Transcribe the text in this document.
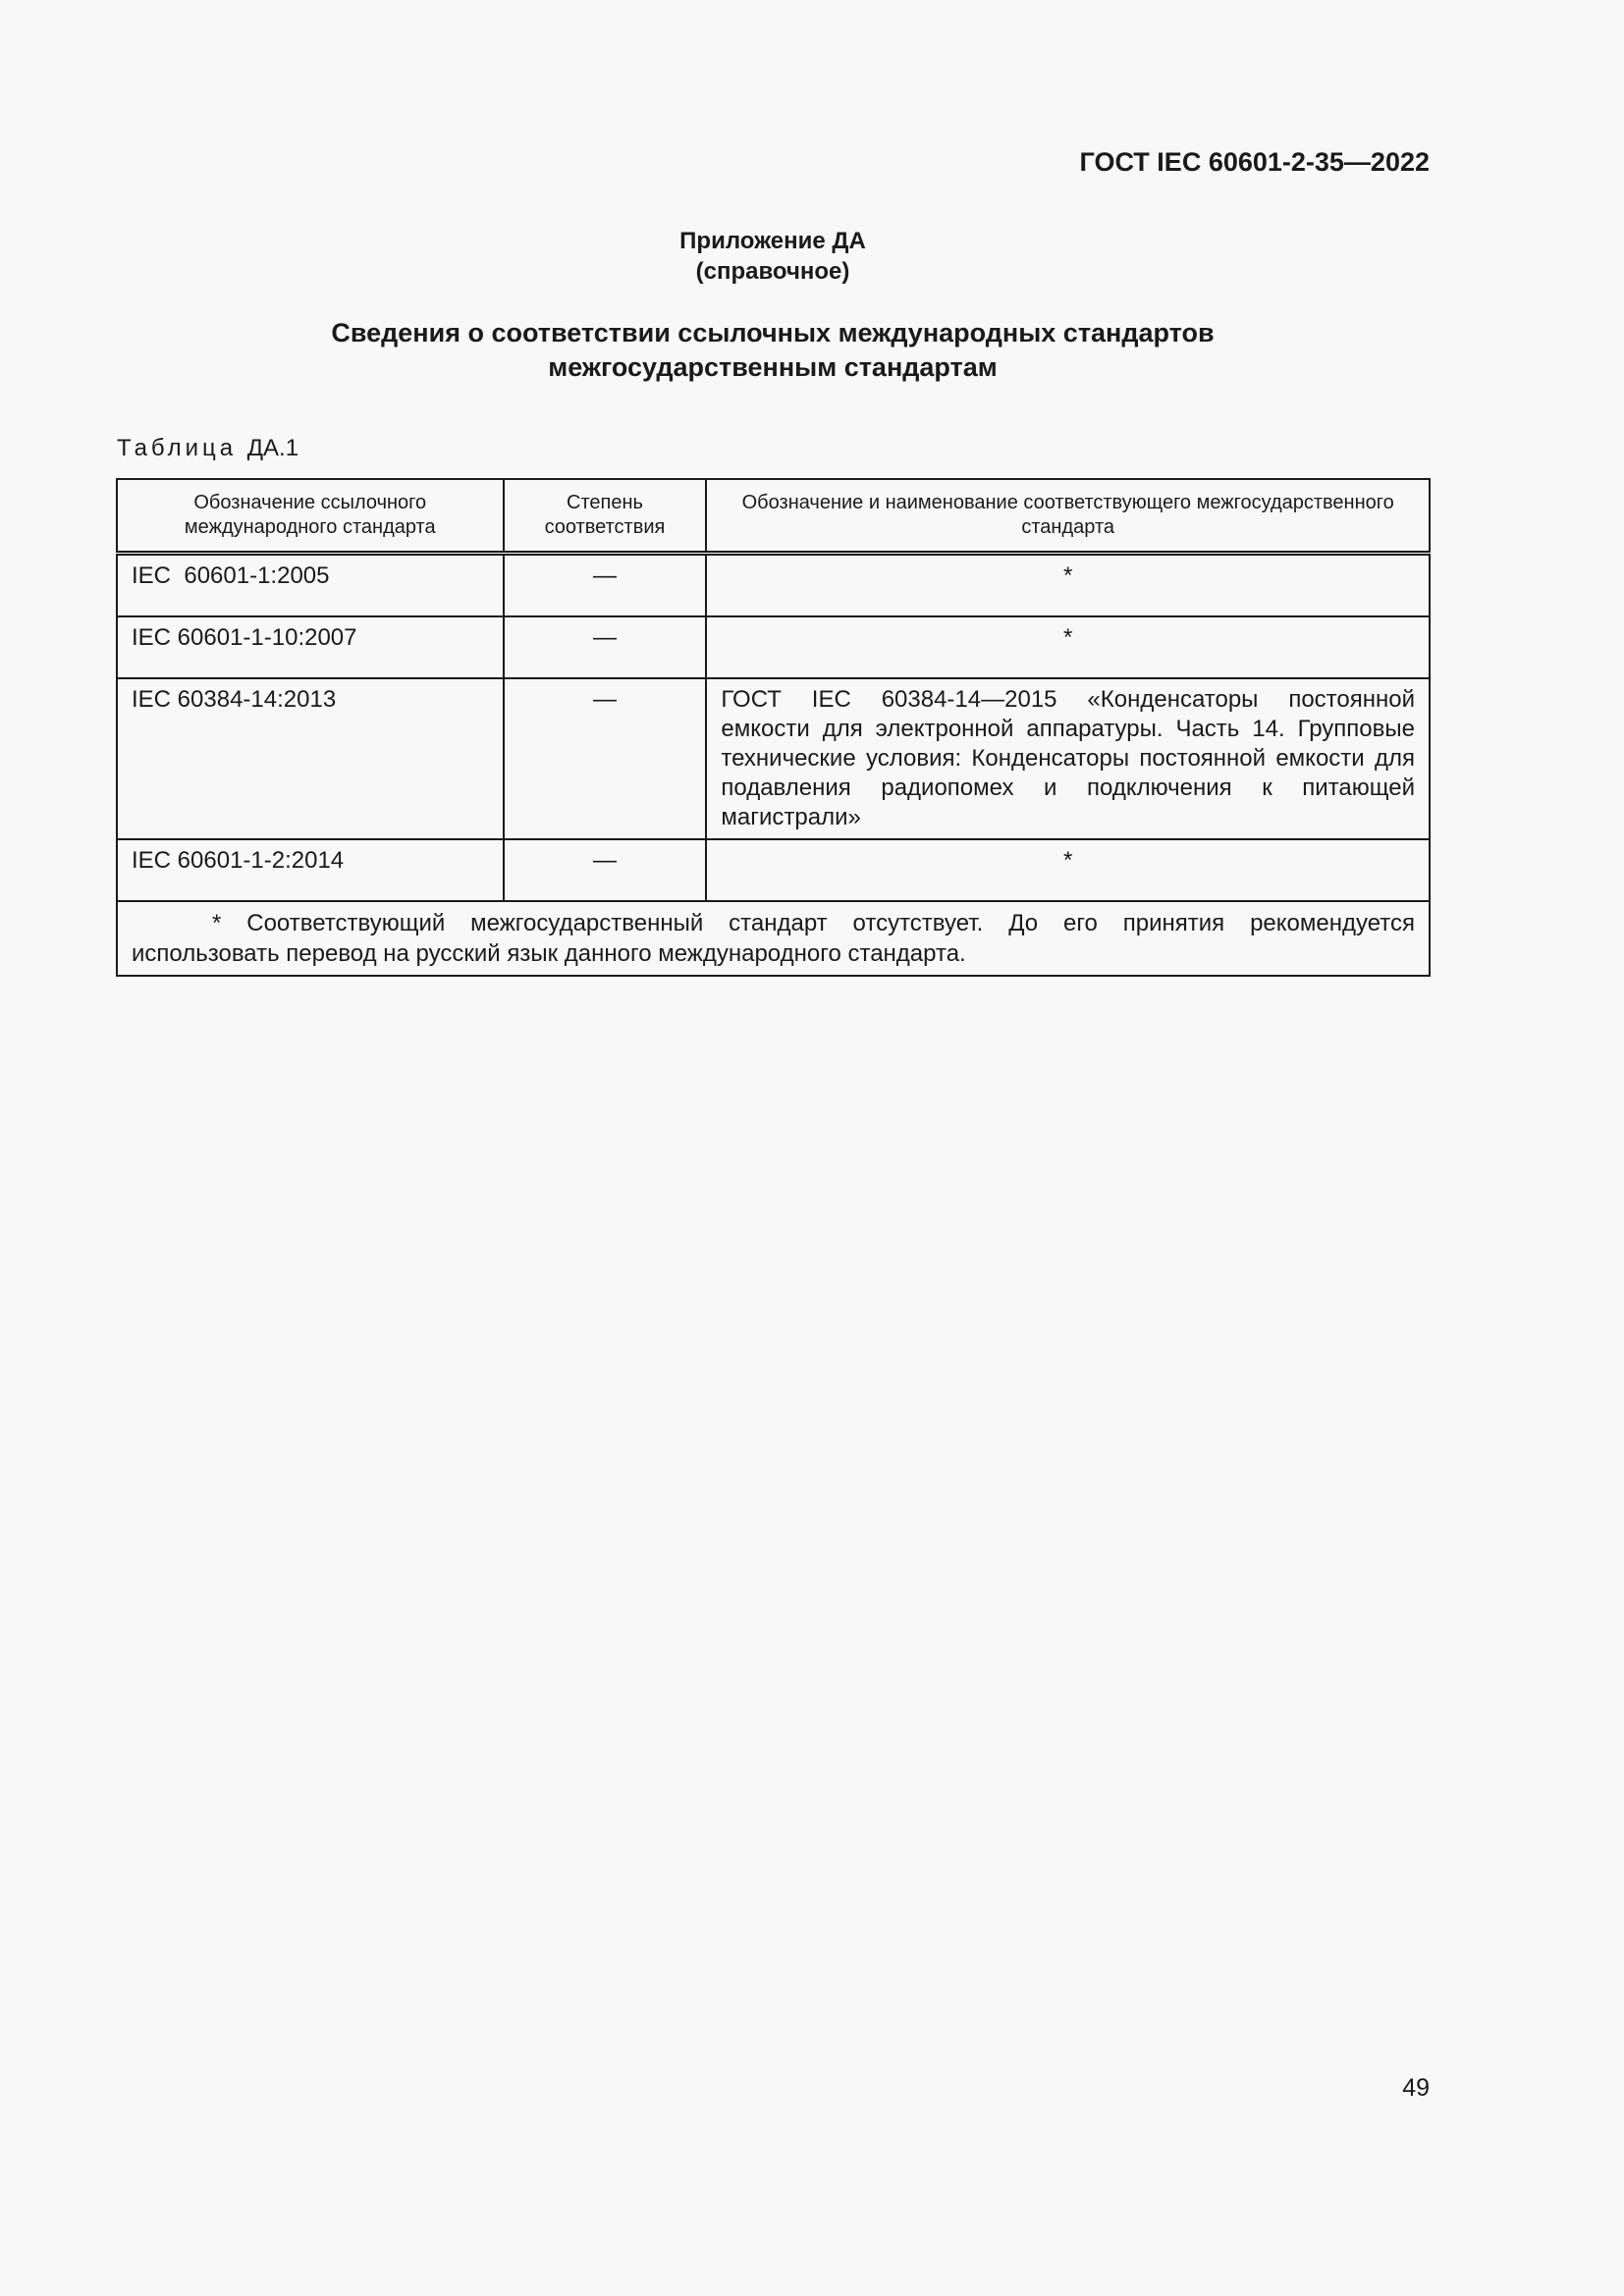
ГОСТ IEC 60601-2-35—2022
Приложение ДА
(справочное)
Сведения о соответствии ссылочных международных стандартов
межгосударственным стандартам
Таблица ДА.1
Обозначение ссылочного международного стандарта	Степень соответствия	Обозначение и наименование соответствующего межгосударственного стандарта
IEC  60601-1:2005	—	*
IEC 60601-1-10:2007	—	*
IEC 60384-14:2013	—	ГОСТ IEC 60384-14—2015 «Конденсаторы постоянной емкости для электронной аппаратуры. Часть 14. Групповые технические условия: Конденсаторы постоянной емкости для подавления радиопомех и подключения к питающей магистрали»
IEC 60601-1-2:2014	—	*

* Соответствующий межгосударственный стандарт отсутствует. До его принятия рекомендуется использовать перевод на русский язык данного международного стандарта.		

49
